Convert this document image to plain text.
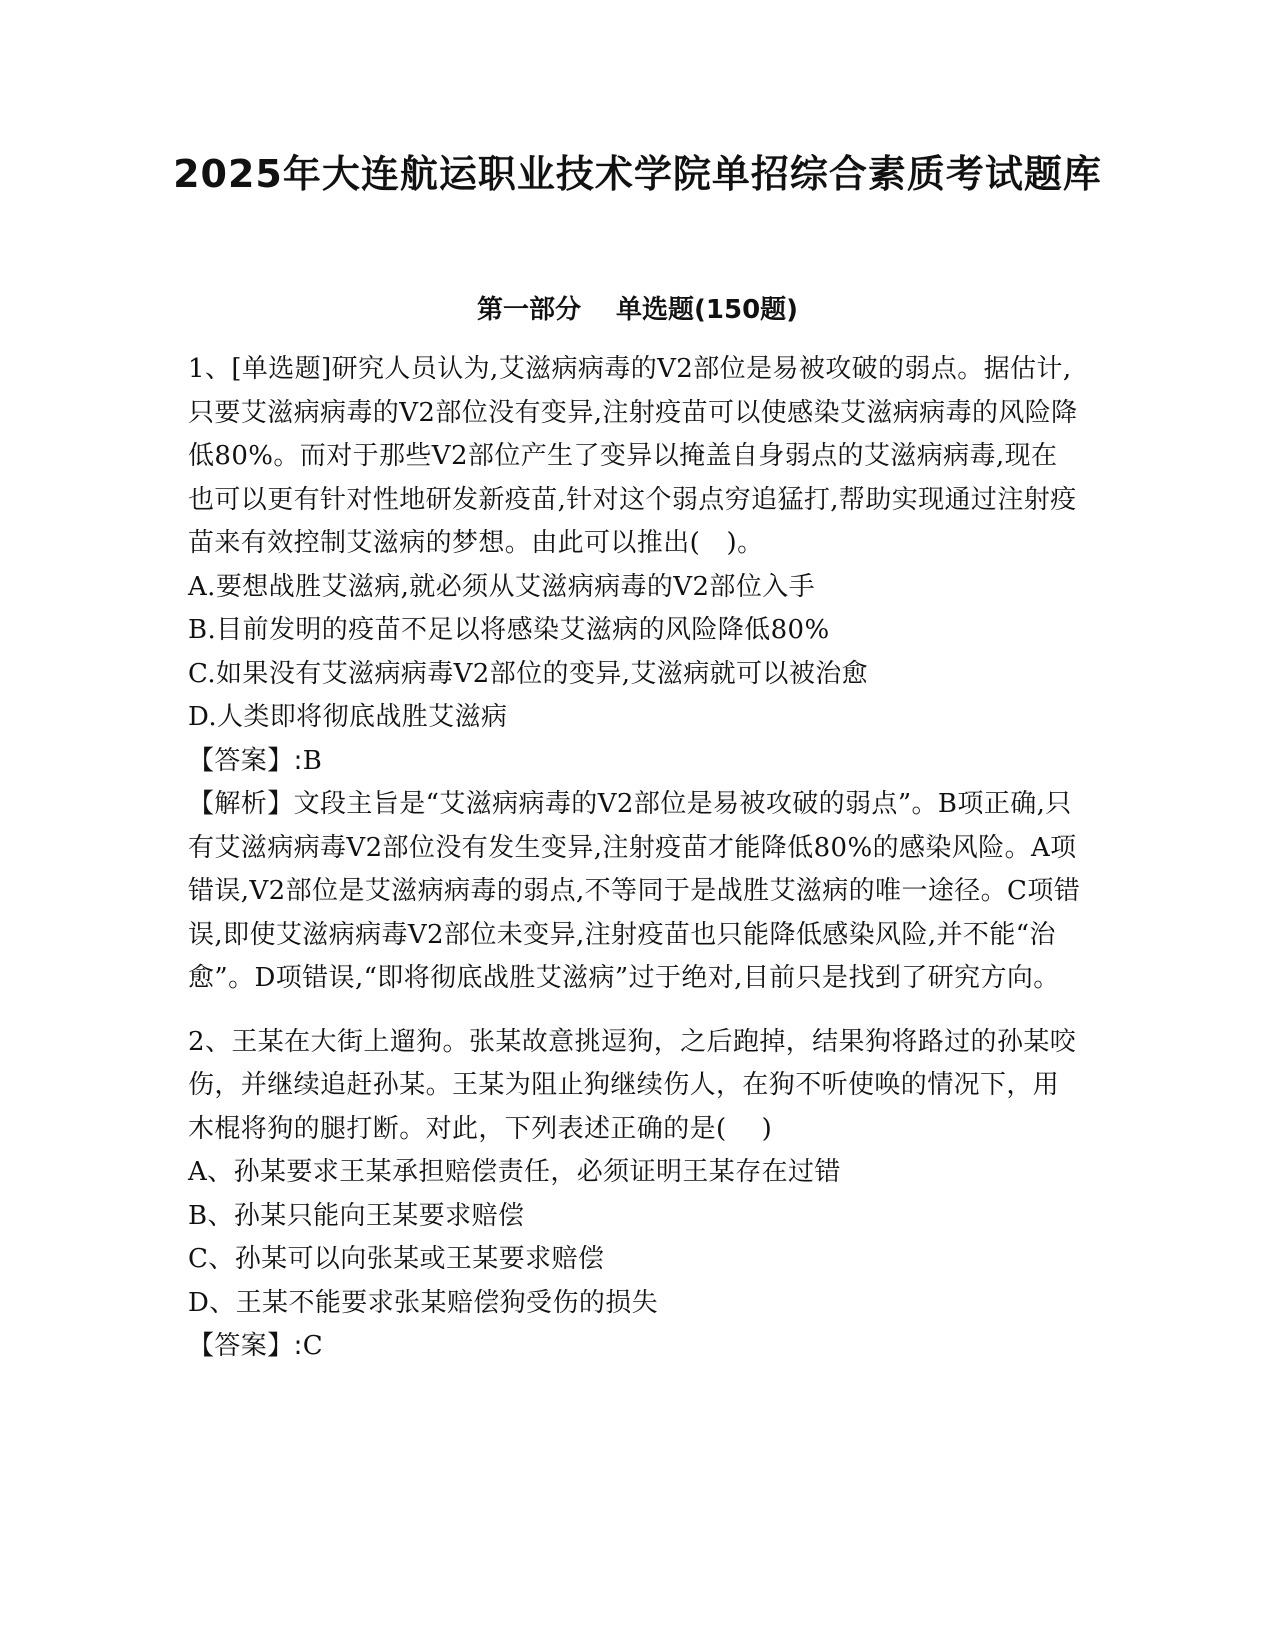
2025年大连航运职业技术学院单招综合素质考试题库
第一部分　 单选题(150题)

1、[单选题]研究人员认为,艾滋病病毒的V2部位是易被攻破的弱点。据估计,只要艾滋病病毒的V2部位没有变异,注射疫苗可以使感染艾滋病病毒的风险降低80%。而对于那些V2部位产生了变异以掩盖自身弱点的艾滋病病毒,现在也可以更有针对性地研发新疫苗,针对这个弱点穷追猛打,帮助实现通过注射疫苗来有效控制艾滋病的梦想。由此可以推出(　)。

A.要想战胜艾滋病,就必须从艾滋病病毒的V2部位入手
B.目前发明的疫苗不足以将感染艾滋病的风险降低80%
C.如果没有艾滋病病毒V2部位的变异,艾滋病就可以被治愈
D.人类即将彻底战胜艾滋病

【答案】:B

【解析】文段主旨是“艾滋病病毒的V2部位是易被攻破的弱点”。B项正确,只有艾滋病病毒V2部位没有发生变异,注射疫苗才能降低80%的感染风险。A项错误,V2部位是艾滋病病毒的弱点,不等同于是战胜艾滋病的唯一途径。C项错误,即使艾滋病病毒V2部位未变异,注射疫苗也只能降低感染风险,并不能“治愈”。D项错误,“即将彻底战胜艾滋病”过于绝对,目前只是找到了研究方向。

2、王某在大街上遛狗。张某故意挑逗狗，之后跑掉，结果狗将路过的孙某咬伤，并继续追赶孙某。王某为阻止狗继续伤人，在狗不听使唤的情况下，用木棍将狗的腿打断。对此，下列表述正确的是(　 )

A、孙某要求王某承担赔偿责任，必须证明王某存在过错
B、孙某只能向王某要求赔偿
C、孙某可以向张某或王某要求赔偿
D、王某不能要求张某赔偿狗受伤的损失

【答案】:C
